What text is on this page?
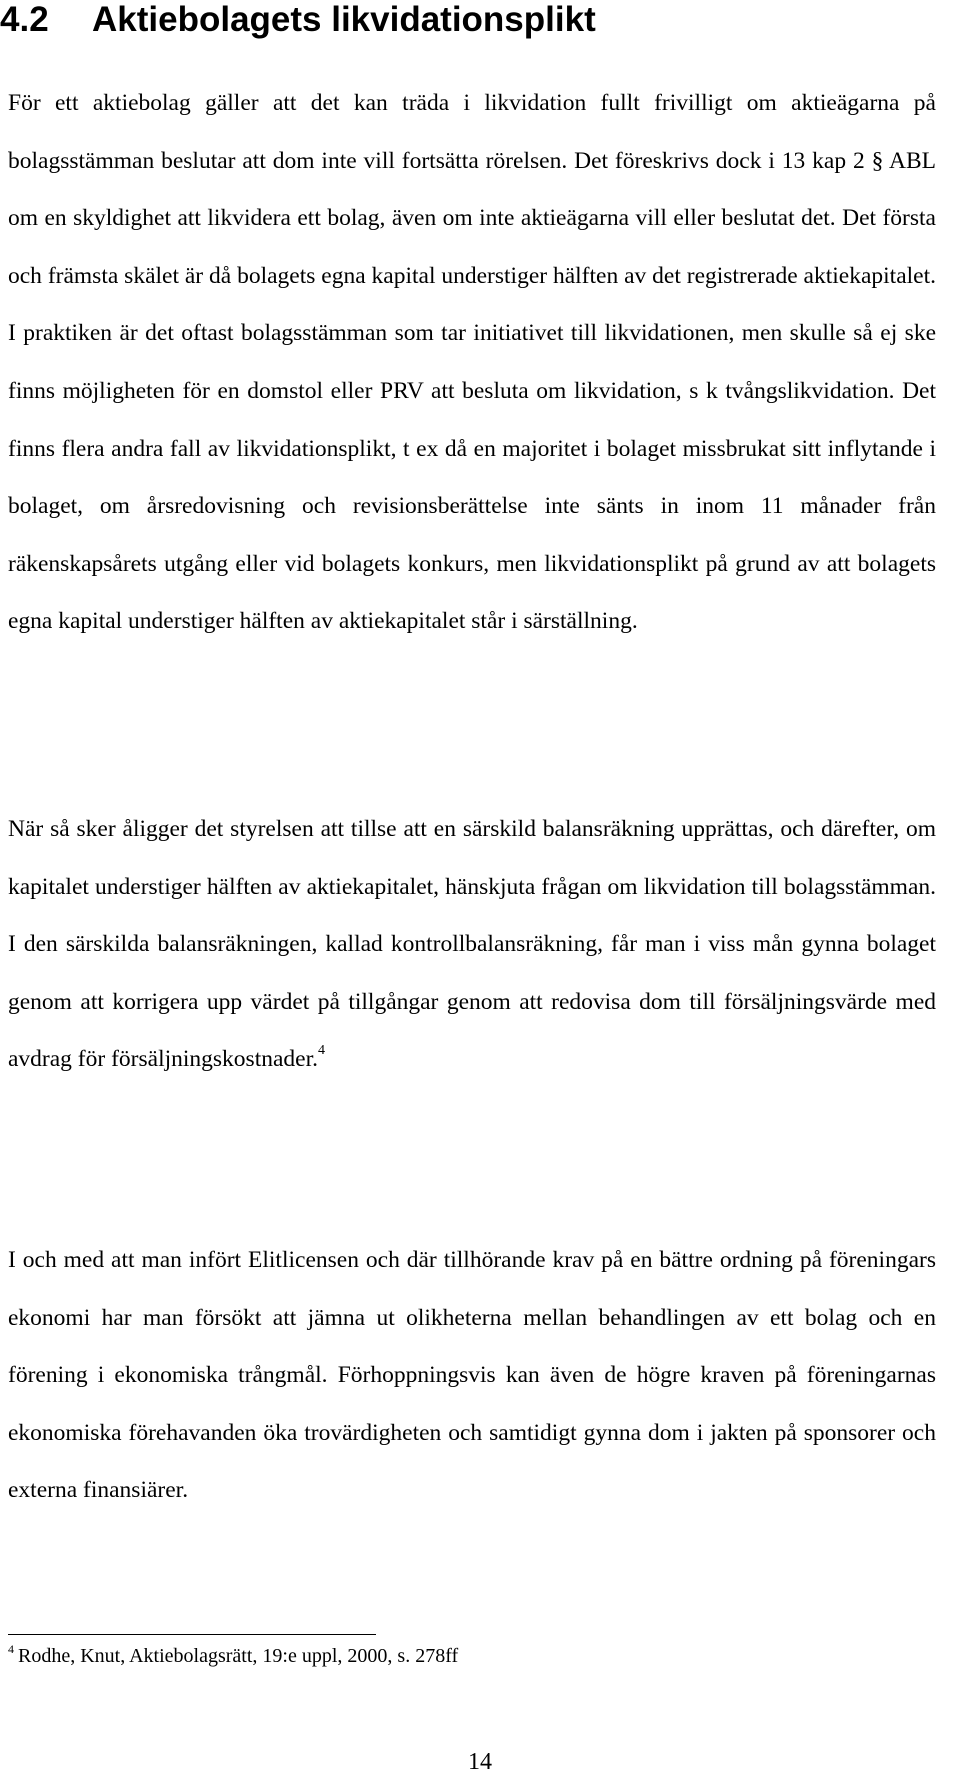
4.2 Aktiebolagets likvidationsplikt

För ett aktiebolag gäller att det kan träda i likvidation fullt frivilligt om aktieägarna på bolagsstämman beslutar att dom inte vill fortsätta rörelsen. Det föreskrivs dock i 13 kap 2 § ABL om en skyldighet att likvidera ett bolag, även om inte aktieägarna vill eller beslutat det. Det första och främsta skälet är då bolagets egna kapital understiger hälften av det registrerade aktiekapitalet. I praktiken är det oftast bolagsstämman som tar initiativet till likvidationen, men skulle så ej ske finns möjligheten för en domstol eller PRV att besluta om likvidation, s k tvångslikvidation. Det finns flera andra fall av likvidationsplikt, t ex då en majoritet i bolaget missbrukat sitt inflytande i bolaget, om årsredovisning och revisionsberättelse inte sänts in inom 11 månader från räkenskapsårets utgång eller vid bolagets konkurs, men likvidationsplikt på grund av att bolagets egna kapital understiger hälften av aktiekapitalet står i särställning.

När så sker åligger det styrelsen att tillse att en särskild balansräkning upprättas, och därefter, om kapitalet understiger hälften av aktiekapitalet, hänskjuta frågan om likvidation till bolagsstämman. I den särskilda balansräkningen, kallad kontrollbalansräkning, får man i viss mån gynna bolaget genom att korrigera upp värdet på tillgångar genom att redovisa dom till försäljningsvärde med avdrag för försäljningskostnader.$^4$

I och med att man infört Elitlicensen och där tillhörande krav på en bättre ordning på föreningars ekonomi har man försökt att jämna ut olikheterna mellan behandlingen av ett bolag och en förening i ekonomiska trångmål. Förhoppningsvis kan även de högre kraven på föreningarnas ekonomiska förehavanden öka trovärdigheten och samtidigt gynna dom i jakten på sponsorer och externa finansiärer.

$^4$ Rodhe, Knut, Aktiebolagsrätt, 19:e uppl, 2000, s. 278ff

14
